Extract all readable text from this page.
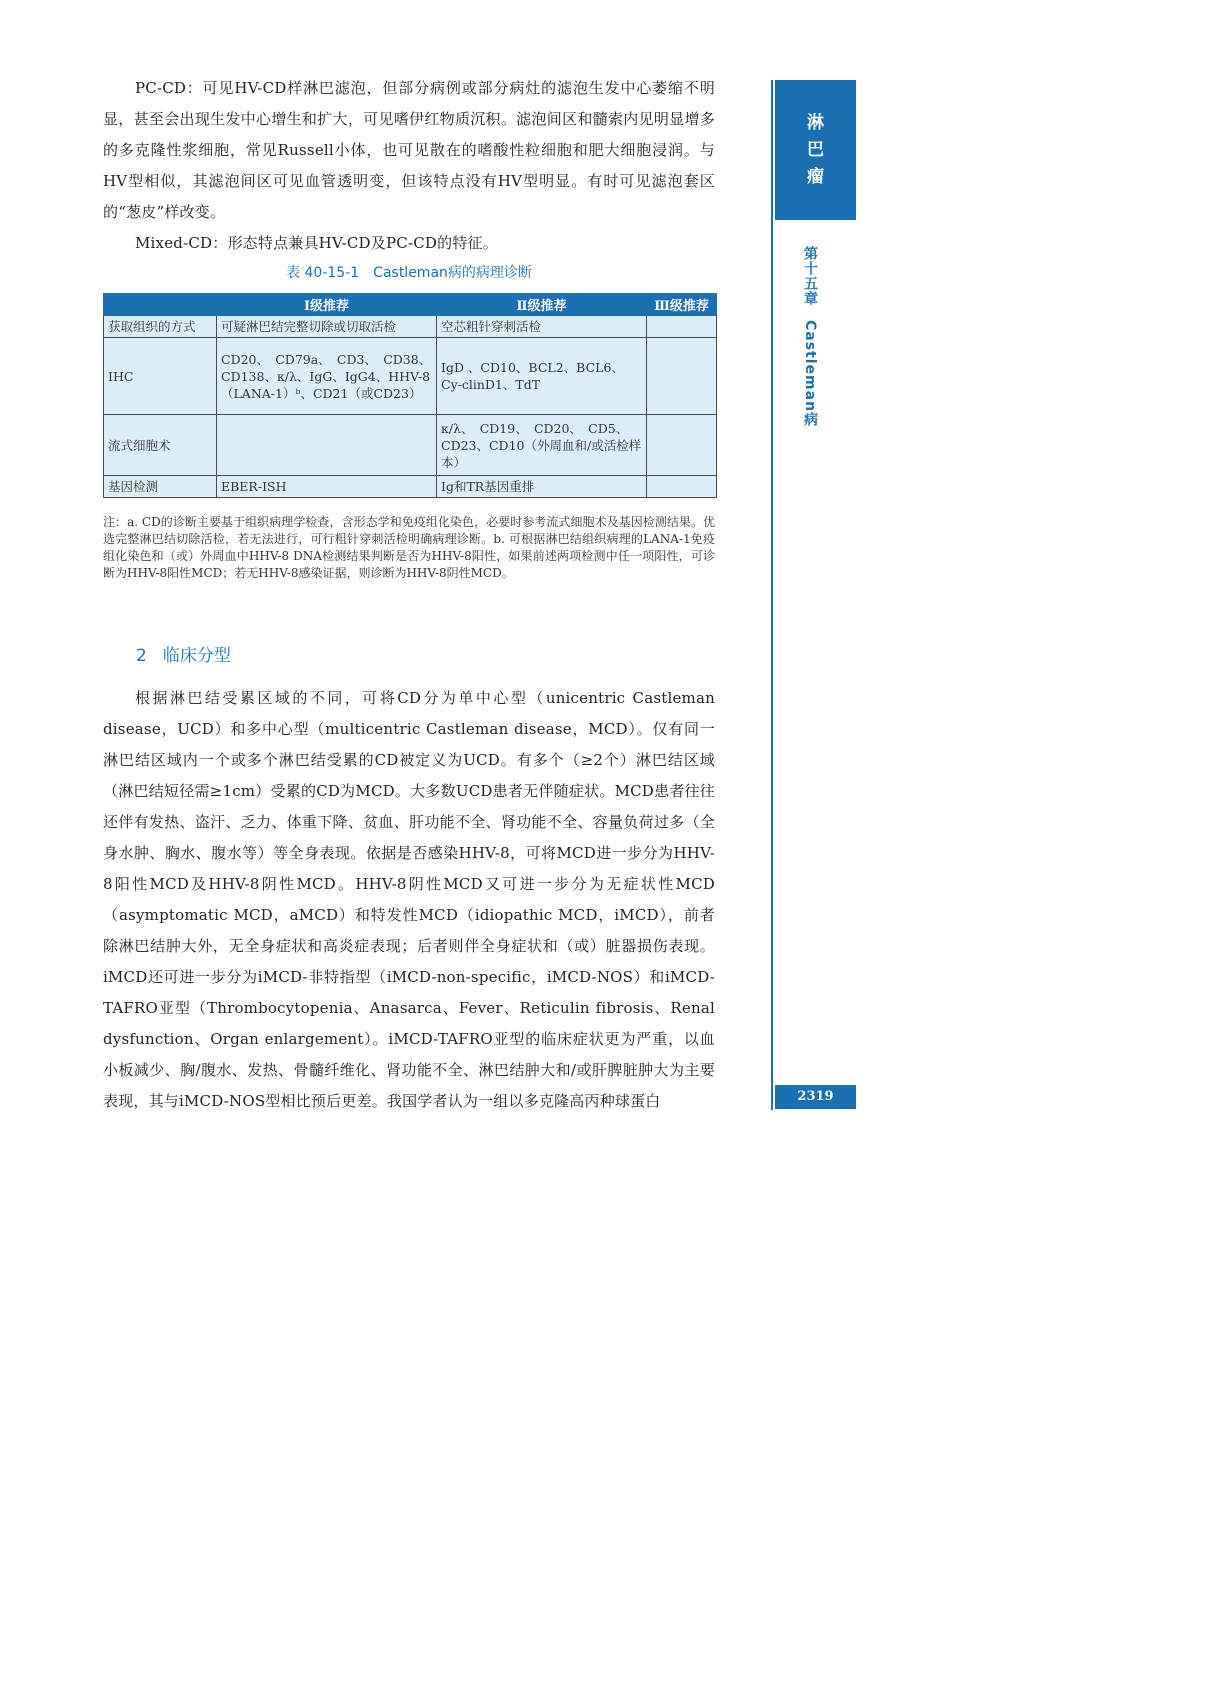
PC-CD：可见HV-CD样淋巴滤泡，但部分病例或部分病灶的滤泡生发中心萎缩不明显，甚至会出现生发中心增生和扩大，可见嗜伊红物质沉积。滤泡间区和髓索内见明显增多的多克隆性浆细胞，常见Russell小体，也可见散在的嗜酸性粒细胞和肥大细胞浸润。与HV型相似，其滤泡间区可见血管透明变，但该特点没有HV型明显。有时可见滤泡套区的“葱皮”样改变。

Mixed-CD：形态特点兼具HV-CD及PC-CD的特征。

表 40-15-1　Castleman病的病理诊断
	Ⅰ级推荐	Ⅱ级推荐	Ⅲ级推荐
获取组织的方式	可疑淋巴结完整切除或切取活检	空芯粗针穿刺活检	
IHC	CD20、　CD79a、　CD3、　CD38、CD138、κ/λ、IgG、IgG4、HHV-8（LANA-1）ᵇ、CD21（或CD23）	IgD 、CD10、BCL2、BCL6、Cy-clinD1、TdT	
流式细胞术		κ/λ、　CD19、　CD20、　CD5、CD23、CD10（外周血和/或活检样本）	
基因检测	EBER-ISH	Ig和TR基因重排	

注：a. CD的诊断主要基于组织病理学检查，含形态学和免疫组化染色，必要时参考流式细胞术及基因检测结果。优选完整淋巴结切除活检，若无法进行，可行粗针穿刺活检明确病理诊断。b. 可根据淋巴结组织病理的LANA-1免疫组化染色和（或）外周血中HHV-8 DNA检测结果判断是否为HHV-8阳性，如果前述两项检测中任一项阳性，可诊断为HHV-8阳性MCD；若无HHV-8感染证据，则诊断为HHV-8阴性MCD。

2 临床分型

根据淋巴结受累区域的不同，可将CD分为单中心型（unicentric Castleman disease，UCD）和多中心型（multicentric Castleman disease，MCD）。仅有同一淋巴结区域内一个或多个淋巴结受累的CD被定义为UCD。有多个（≥2个）淋巴结区域（淋巴结短径需≥1cm）受累的CD为MCD。大多数UCD患者无伴随症状。MCD患者往往还伴有发热、盗汗、乏力、体重下降、贫血、肝功能不全、肾功能不全、容量负荷过多（全身水肿、胸水、腹水等）等全身表现。依据是否感染HHV-8，可将MCD进一步分为HHV-8阳性MCD及HHV-8阴性MCD。HHV-8阴性MCD又可进一步分为无症状性MCD（asymptomatic MCD，aMCD）和特发性MCD（idiopathic MCD，iMCD），前者除淋巴结肿大外，无全身症状和高炎症表现；后者则伴全身症状和（或）脏器损伤表现。iMCD还可进一步分为iMCD-非特指型（iMCD-non-specific，iMCD-NOS）和iMCD-TAFRO亚型（Thrombocytopenia、Anasarca、Fever、Reticulin fibrosis、Renal dysfunction、Organ enlargement）。iMCD-TAFRO亚型的临床症状更为严重，以血小板减少、胸/腹水、发热、骨髓纤维化、肾功能不全、淋巴结肿大和/或肝脾脏肿大为主要表现，其与iMCD-NOS型相比预后更差。我国学者认为一组以多克隆高丙种球蛋白

淋
巴
瘤
第十五章Castleman病
2319
